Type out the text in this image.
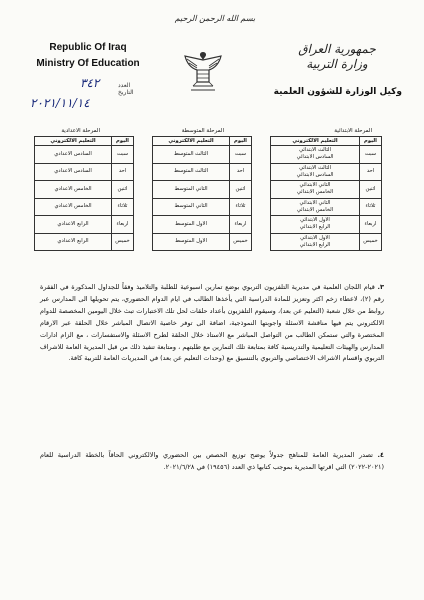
بسم الله الرحمن الرحيم
Republic Of Iraq
Ministry Of Education
العدد
التاريخ
٣٤٢
٢٠٢١/١١/١٤
جمهورية العراق
وزارة التربية
وكيل الوزارة للشؤون العلمية
المرحلة الابتدائية
اليوم	التعليم الالكتروني
سبت	الثالث الابتدائي
السادس الابتدائي
احد	الثالث الابتدائي
السادس الابتدائي
اثنين	الثاني الابتدائي
الخامس الابتدائي
ثلاثاء	الثاني الابتدائي
الخامس الابتدائي
اربعاء	الاول الابتدائي
الرابع الابتدائي
خميس	الاول الابتدائي
الرابع الابتدائي
المرحلة المتوسطة
اليوم	التعليم الالكتروني
سبت	الثالث المتوسط
احد	الثالث المتوسط
اثنين	الثاني المتوسط
ثلاثاء	الثاني المتوسط
اربعاء	الاول المتوسط
خميس	الاول المتوسط
المرحلة الاعدادية
اليوم	التعليم الالكتروني
سبت	السادس الاعدادي
احد	السادس الاعدادي
اثنين	الخامس الاعدادي
ثلاثاء	الخامس الاعدادي
اربعاء	الرابع الاعدادي
خميس	الرابع الاعدادي
٣. قيام اللجان العلمية في مديرية التلفزيون التربوي بوضع تمارين اسبوعية للطلبة والتلاميذ وفقاً للجداول المذكورة في الفقرة رقم (٢)، لاعطاء زخم اكثر وتعزيز للمادة الدراسية التي يأخذها الطالب في ايام الدوام الحضوري، يتم تحويلها الى المدارس عبر روابط من خلال شعبة (التعليم عن بعد)، وسيقوم التلفزيون بأعداد حلقات لحل تلك الاختبارات تبث خلال اليومين المخصصة للدوام الالكتروني يتم فيها مناقشة الاسئلة واجوبتها النموذجية، اضافة الى توفر خاصية الاتصال المباشر خلال الحلقة عبر الارقام المختصرة والتي ستمكن الطالب من التواصل المباشر مع الاستاذ خلال الحلقة لطرح الاسئلة والاستفسارات ، مع الزام ادارات المدارس والهيئات التعليمية والتدريسية كافة بمتابعة تلك التمارين مع طلبتهم ، ومتابعة تنفيذ ذلك من قبل المديرية العامة للاشراف التربوي واقسام الاشراف الاختصاصي والتربوي بالتنسيق مع (وحدات التعليم عن بعد) في المديريات العامة للتربية كافة.
٤. تصدر المديرية العامة للمناهج جدولاً يوضح توزيع الحصص بين الحضوري والالكتروني الحاقاً بالخطة الدراسية للعام (٢٠٢١-٢٠٢٢) التي اقرتها المديرية بموجب كتابها ذي العدد (١٩٤٥٦) في ٢٠٢١/٦/٢٨.
